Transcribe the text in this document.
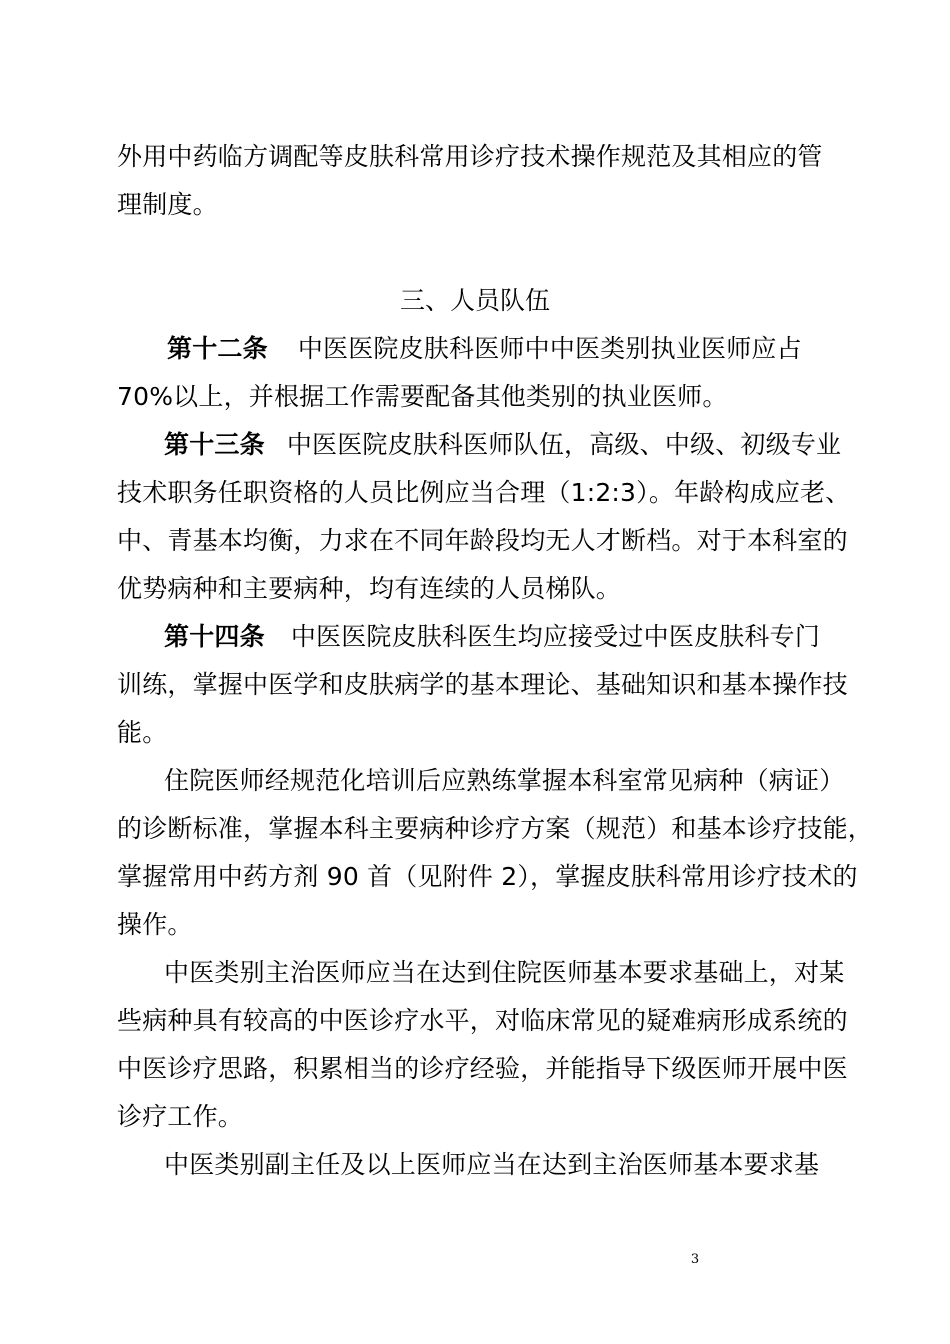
外用中药临方调配等皮肤科常用诊疗技术操作规范及其相应的管
理制度。
三、人员队伍
第十二条 中医医院皮肤科医师中中医类别执业医师应占
70%以上，并根据工作需要配备其他类别的执业医师。
第十三条 中医医院皮肤科医师队伍，高级、中级、初级专业
技术职务任职资格的人员比例应当合理（1:2:3）。年龄构成应老、
中、青基本均衡，力求在不同年龄段均无人才断档。对于本科室的
优势病种和主要病种，均有连续的人员梯队。
第十四条 中医医院皮肤科医生均应接受过中医皮肤科专门
训练，掌握中医学和皮肤病学的基本理论、基础知识和基本操作技
能。
住院医师经规范化培训后应熟练掌握本科室常见病种（病证）
的诊断标准，掌握本科主要病种诊疗方案（规范）和基本诊疗技能，
掌握常用中药方剂 90 首（见附件 2），掌握皮肤科常用诊疗技术的
操作。
中医类别主治医师应当在达到住院医师基本要求基础上，对某
些病种具有较高的中医诊疗水平，对临床常见的疑难病形成系统的
中医诊疗思路，积累相当的诊疗经验，并能指导下级医师开展中医
诊疗工作。
中医类别副主任及以上医师应当在达到主治医师基本要求基
3
